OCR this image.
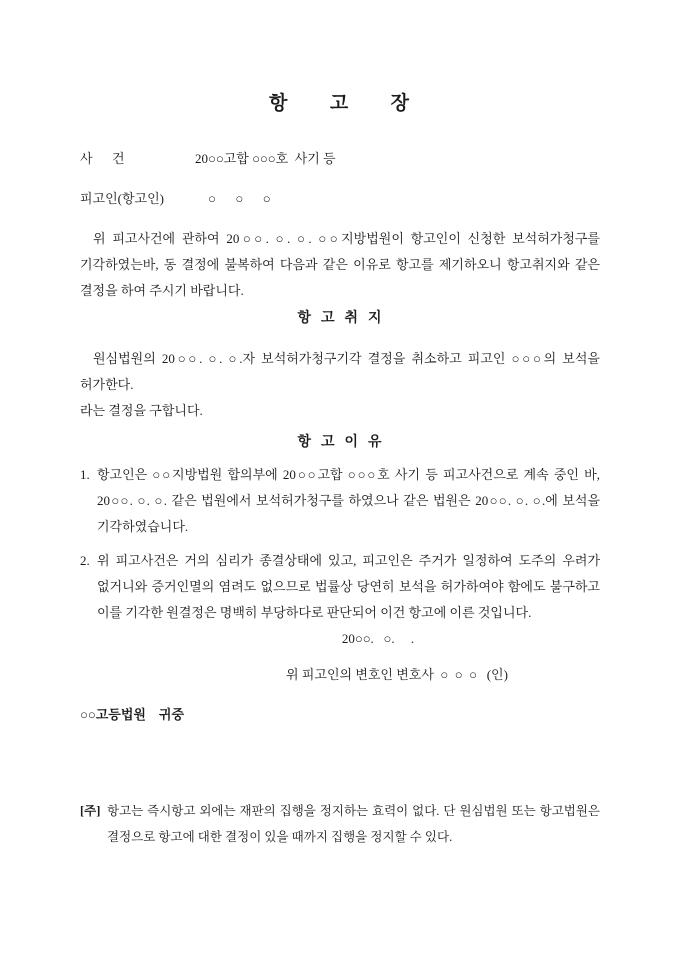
항      고      장
사      건	20○○고합 ○○○호  사기 등
피고인(항고인)	○      ○      ○

위 피고사건에 관하여 20○○. ○. ○. ○○지방법원이 항고인이 신청한 보석허가청구를 기각하였는바, 동 결정에 불복하여 다음과 같은 이유로 항고를 제기하오니 항고취지와 같은 결정을 하여 주시기 바랍니다.

항  고  취  지

원심법원의 20○○. ○. ○.자 보석허가청구기각 결정을 취소하고 피고인 ○○○의 보석을 허가한다.

라는 결정을 구합니다.

항  고  이  유
1. 항고인은 ○○지방법원 합의부에 20○○고합 ○○○호 사기 등 피고사건으로 계속 중인 바, 20○○. ○. ○. 같은 법원에서 보석허가청구를 하였으나 같은 법원은 20○○. ○. ○.에 보석을 기각하였습니다.
2. 위 피고사건은 거의 심리가 종결상태에 있고, 피고인은 주거가 일정하여 도주의 우려가 없거니와 증거인멸의 염려도 없으므로 법률상 당연히 보석을 허가하여야 함에도 불구하고 이를 기각한 원결정은 명백히 부당하다로 판단되어 이건 항고에 이른 것입니다.
20○○.   ○.     .
위 피고인의 변호인 변호사  ○  ○  ○   (인)
○○고등법원    귀중
[주] 항고는 즉시항고 외에는 재판의 집행을 정지하는 효력이 없다. 단 원심법원 또는 항고법원은 결정으로 항고에 대한 결정이 있을 때까지 집행을 정지할 수 있다.
